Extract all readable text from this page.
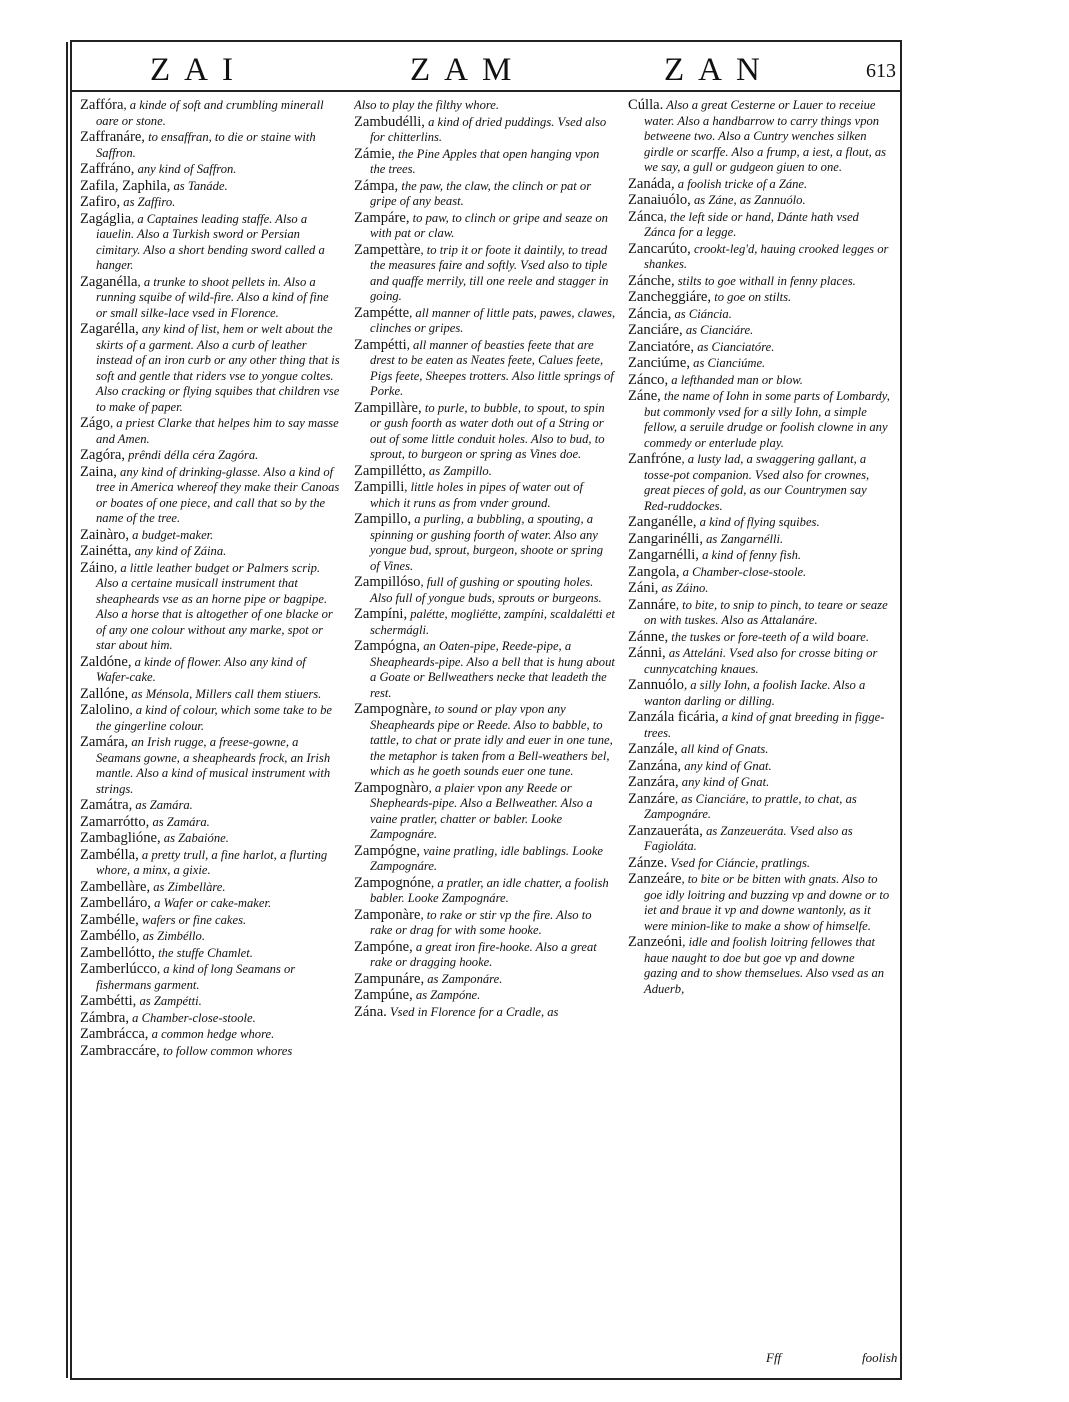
ZAI	ZAM	ZAN	613
Zaffóra, a kinde of soft and crumbling minerall oare or stone.
Zaffranáre, to ensaffran, to die or staine with Saffron.
Zaffráno, any kind of Saffron.
Zafila, Zaphila, as Tanáde.
Zafiro, as Zaffiro.
Zagáglia, a Captaines leading staffe. Also a iauelin. Also a Turkish sword or Persian cimitary. Also a short bending sword called a hanger.
Zaganélla, a trunke to shoot pellets in. Also a running squibe of wild-fire. Also a kind of fine or small silke-lace vsed in Florence.
Zagarélla, any kind of list, hem or welt about the skirts of a garment. Also a curb of leather instead of an iron curb or any other thing that is soft and gentle that riders vse to yongue coltes. Also cracking or flying squibes that children vse to make of paper.
Zágo, a priest Clarke that helpes him to say masse and Amen.
Zagóra, prêndi délla céra Zagóra.
Zaina, any kind of drinking-glasse. Also a kind of tree in America whereof they make their Canoas or boates of one piece, and call that so by the name of the tree.
Zainàro, a budget-maker.
Zainétta, any kind of Záina.
Záino, a little leather budget or Palmers scrip. Also a certaine musicall instrument that sheapheards vse as an horne pipe or bagpipe. Also a horse that is altogether of one blacke or of any one colour without any marke, spot or star about him.
Zaldóne, a kinde of flower. Also any kind of Wafer-cake.
Zallóne, as Ménsola, Millers call them stiuers.
Zalolino, a kind of colour, which some take to be the gingerline colour.
Zamára, an Irish rugge, a freese-gowne, a Seamans gowne, a sheapheards frock, an Irish mantle. Also a kind of musical instrument with strings.
Zamátra, as Zamára.
Zamarrótto, as Zamára.
Zambaglióne, as Zabaióne.
Zambélla, a pretty trull, a fine harlot, a flurting whore, a minx, a gixie.
Zambellàre, as Zimbellàre.
Zambelláro, a Wafer or cake-maker.
Zambélle, wafers or fine cakes.
Zambéllo, as Zimbéllo.
Zambellótto, the stuffe Chamlet.
Zamberlúcco, a kind of long Seamans or fishermans garment.
Zambétti, as Zampétti.
Zámbra, a Chamber-close-stoole.
Zambrácca, a common hedge whore.
Zambraccáre, to follow common whores
Also to play the filthy whore.
Zambudélli, a kind of dried puddings. Vsed also for chitterlins.
Zámie, the Pine Apples that open hanging vpon the trees.
Zámpa, the paw, the claw, the clinch or pat or gripe of any beast.
Zampáre, to paw, to clinch or gripe and seaze on with pat or claw.
Zampettàre, to trip it or foote it daintily, to tread the measures faire and softly. Vsed also to tiple and quaffe merrily, till one reele and stagger in going.
Zampétte, all manner of little pats, pawes, clawes, clinches or gripes.
Zampétti, all manner of beasties feete that are drest to be eaten as Neates feete, Calues feete, Pigs feete, Sheepes trotters. Also little springs of Porke.
Zampillàre, to purle, to bubble, to spout, to spin or gush foorth as water doth out of a String or out of some little conduit holes. Also to bud, to sprout, to burgeon or spring as Vines doe.
Zampillétto, as Zampillo.
Zampilli, little holes in pipes of water out of which it runs as from vnder ground.
Zampillo, a purling, a bubbling, a spouting, a spinning or gushing foorth of water. Also any yongue bud, sprout, burgeon, shoote or spring of Vines.
Zampillóso, full of gushing or spouting holes. Also full of yongue buds, sprouts or burgeons.
Zampíni, palétte, mogliétte, zampíni, scaldalétti et schermágli.
Zampógna, an Oaten-pipe, Reede-pipe, a Sheapheards-pipe. Also a bell that is hung about a Goate or Bellweathers necke that leadeth the rest.
Zampognàre, to sound or play vpon any Sheapheards pipe or Reede. Also to babble, to tattle, to chat or prate idly and euer in one tune, the metaphor is taken from a Bell-weathers bel, which as he goeth sounds euer one tune.
Zampognàro, a plaier vpon any Reede or Shepheards-pipe. Also a Bellweather. Also a vaine pratler, chatter or babler. Looke Zampognáre.
Zampógne, vaine pratling, idle bablings. Looke Zampognáre.
Zampognóne, a pratler, an idle chatter, a foolish babler. Looke Zampognáre.
Zamponàre, to rake or stir vp the fire. Also to rake or drag for with some hooke.
Zampóne, a great iron fire-hooke. Also a great rake or dragging hooke.
Zampunáre, as Zamponáre.
Zampúne, as Zampóne.
Zána. Vsed in Florence for a Cradle, as
Cúlla. Also a great Cesterne or Lauer to receiue water. Also a handbarrow to carry things vpon betweene two. Also a Cuntry wenches silken girdle or scarffe. Also a frump, a iest, a flout, as we say, a gull or gudgeon giuen to one.
Zanáda, a foolish tricke of a Záne.
Zanaiuólo, as Záne, as Zannuólo.
Zánca, the left side or hand, Dánte hath vsed Zánca for a legge.
Zancarúto, crookt-leg'd, hauing crooked legges or shankes.
Zánche, stilts to goe withall in fenny places.
Zancheggiáre, to goe on stilts.
Záncia, as Ciáncia.
Zanciáre, as Cianciáre.
Zanciatóre, as Cianciatóre.
Zanciúme, as Cianciúme.
Zánco, a lefthanded man or blow.
Záne, the name of Iohn in some parts of Lombardy, but commonly vsed for a silly Iohn, a simple fellow, a seruile drudge or foolish clowne in any commedy or enterlude play.
Zanfróne, a lusty lad, a swaggering gallant, a tosse-pot companion. Vsed also for crownes, great pieces of gold, as our Countrymen say Red-ruddockes.
Zanganélle, a kind of flying squibes.
Zangarinélli, as Zangarnélli.
Zangarnélli, a kind of fenny fish.
Zangola, a Chamber-close-stoole.
Záni, as Záino.
Zannáre, to bite, to snip to pinch, to teare or seaze on with tuskes. Also as Attalanáre.
Zánne, the tuskes or fore-teeth of a wild boare.
Zánni, as Atteláni. Vsed also for crosse biting or cunnycatching knaues.
Zannuólo, a silly Iohn, a foolish Iacke. Also a wanton darling or dilling.
Zanzála ficária, a kind of gnat breeding in figge-trees.
Zanzále, all kind of Gnats.
Zanzána, any kind of Gnat.
Zanzára, any kind of Gnat.
Zanzáre, as Cianciáre, to prattle, to chat, as Zampognáre.
Zanzaueráta, as Zanzeueráta. Vsed also as Fagioláta.
Zánze. Vsed for Ciáncie, pratlings.
Zanzeáre, to bite or be bitten with gnats. Also to goe idly loitring and buzzing vp and downe or to iet and braue it vp and downe wantonly, as it were minion-like to make a show of himselfe.
Zanzeóni, idle and foolish loitring fellowes that haue naught to doe but goe vp and downe gazing and to show themselues. Also vsed as an Aduerb,
Fff	foolish
